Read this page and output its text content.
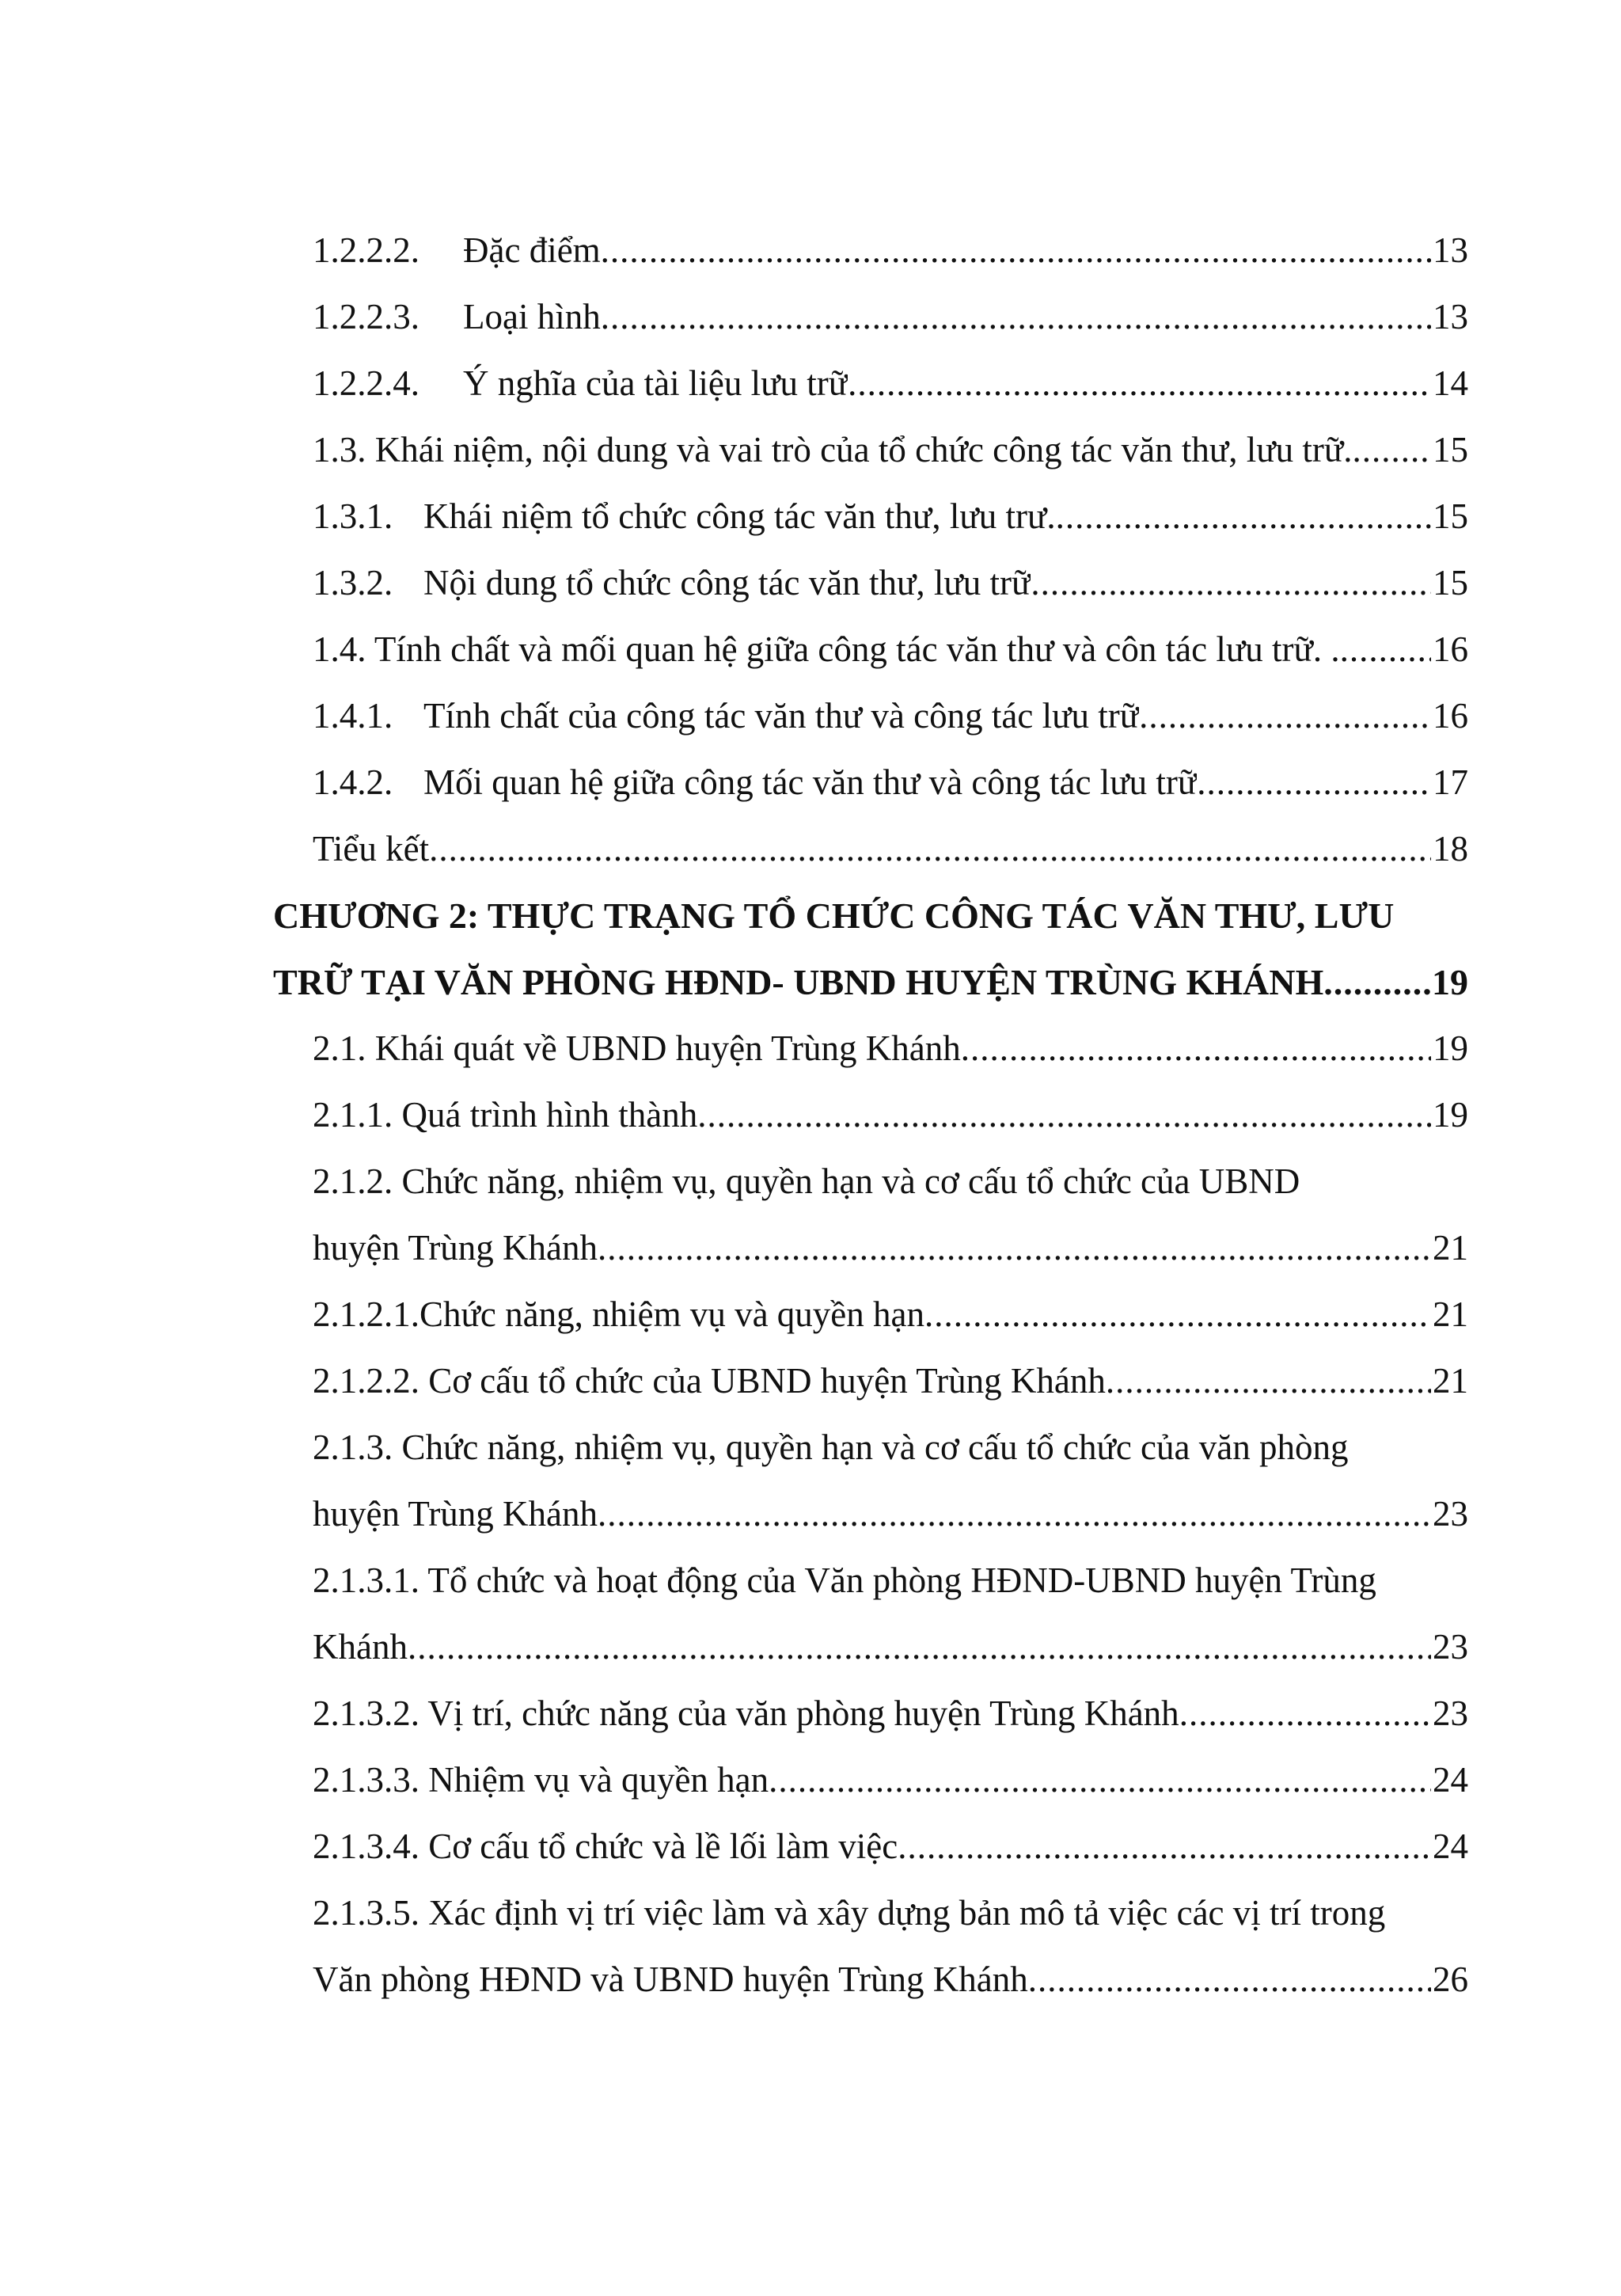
1.2.2.2.	Đặc điểm .....	13
1.2.2.3.	Loại hình .....	13
1.2.2.4.	Ý nghĩa của tài liệu lưu trữ .....	14
1.3. Khái niệm, nội dung và vai trò của tổ chức công tác văn thư, lưu trữ. ..... 15
1.3.1. Khái niệm tổ chức công tác văn thư, lưu trư. .....	15
1.3.2. Nội dung tổ chức công tác văn thư, lưu trữ .....	15
1.4. Tính chất và mối quan hệ giữa công tác văn thư và côn tác lưu trữ. . .....	16
1.4.1. Tính chất của công tác văn thư và công tác lưu trữ .....	16
1.4.2. Mối quan hệ giữa công tác văn thư và công tác lưu trữ .....	17
Tiểu kết .....	18
CHƯƠNG 2: THỰC TRẠNG TỔ CHỨC CÔNG TÁC VĂN THƯ, LƯU
TRỮ TẠI VĂN PHÒNG HĐND- UBND HUYỆN TRÙNG KHÁNH .....	19
2.1. Khái quát về UBND huyện Trùng Khánh .....	19
2.1.1. Quá trình hình thành .....	19
2.1.2. Chức năng, nhiệm vụ, quyền hạn và cơ cấu tổ chức của UBND
huyện Trùng Khánh .....	21
2.1.2.1.Chức năng, nhiệm vụ và quyền hạn .....	21
2.1.2.2. Cơ cấu tổ chức của UBND huyện Trùng Khánh .....	21
2.1.3. Chức năng, nhiệm vụ, quyền hạn và cơ cấu tổ chức của văn phòng
huyện Trùng Khánh .....	23
2.1.3.1. Tổ chức và hoạt động của Văn phòng HĐND-UBND huyện Trùng
Khánh .....	23
2.1.3.2. Vị trí, chức năng của văn phòng huyện Trùng Khánh .....	23
2.1.3.3. Nhiệm vụ và quyền hạn .....	24
2.1.3.4. Cơ cấu tổ chức và lề lối làm việc .....	24
2.1.3.5. Xác định vị trí việc làm và xây dựng bản mô tả việc các vị trí trong
Văn phòng HĐND và UBND huyện Trùng Khánh .....	26
